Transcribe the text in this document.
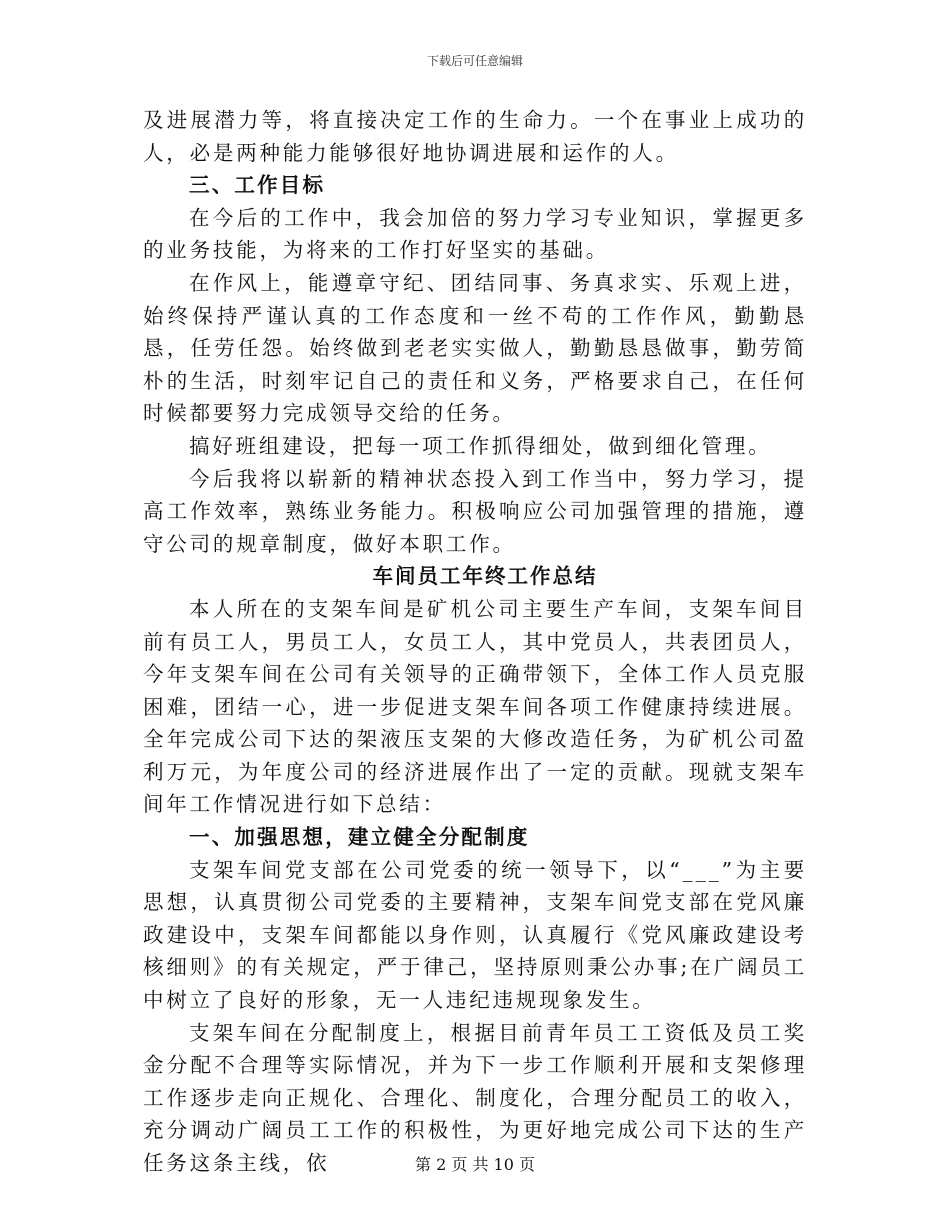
下载后可任意编辑

及进展潜力等，将直接决定工作的生命力。一个在事业上成功的人，必是两种能力能够很好地协调进展和运作的人。

三、工作目标

在今后的工作中，我会加倍的努力学习专业知识，掌握更多的业务技能，为将来的工作打好坚实的基础。

在作风上，能遵章守纪、团结同事、务真求实、乐观上进，始终保持严谨认真的工作态度和一丝不苟的工作作风，勤勤恳恳，任劳任怨。始终做到老老实实做人，勤勤恳恳做事，勤劳简朴的生活，时刻牢记自己的责任和义务，严格要求自己，在任何时候都要努力完成领导交给的任务。

搞好班组建设，把每一项工作抓得细处，做到细化管理。

今后我将以崭新的精神状态投入到工作当中，努力学习，提高工作效率，熟练业务能力。积极响应公司加强管理的措施，遵守公司的规章制度，做好本职工作。

车间员工年终工作总结

本人所在的支架车间是矿机公司主要生产车间，支架车间目前有员工人，男员工人，女员工人，其中党员人，共表团员人，今年支架车间在公司有关领导的正确带领下，全体工作人员克服困难，团结一心，进一步促进支架车间各项工作健康持续进展。全年完成公司下达的架液压支架的大修改造任务，为矿机公司盈利万元，为年度公司的经济进展作出了一定的贡献。现就支架车间年工作情况进行如下总结：

一、加强思想，建立健全分配制度

支架车间党支部在公司党委的统一领导下，以“___”为主要思想，认真贯彻公司党委的主要精神，支架车间党支部在党风廉政建设中，支架车间都能以身作则，认真履行《党风廉政建设考核细则》的有关规定，严于律己，坚持原则秉公办事;在广阔员工中树立了良好的形象，无一人违纪违规现象发生。

支架车间在分配制度上，根据目前青年员工工资低及员工奖金分配不合理等实际情况，并为下一步工作顺利开展和支架修理工作逐步走向正规化、合理化、制度化，合理分配员工的收入，充分调动广阔员工工作的积极性，为更好地完成公司下达的生产任务这条主线，依	第 2 页 共 10 页
